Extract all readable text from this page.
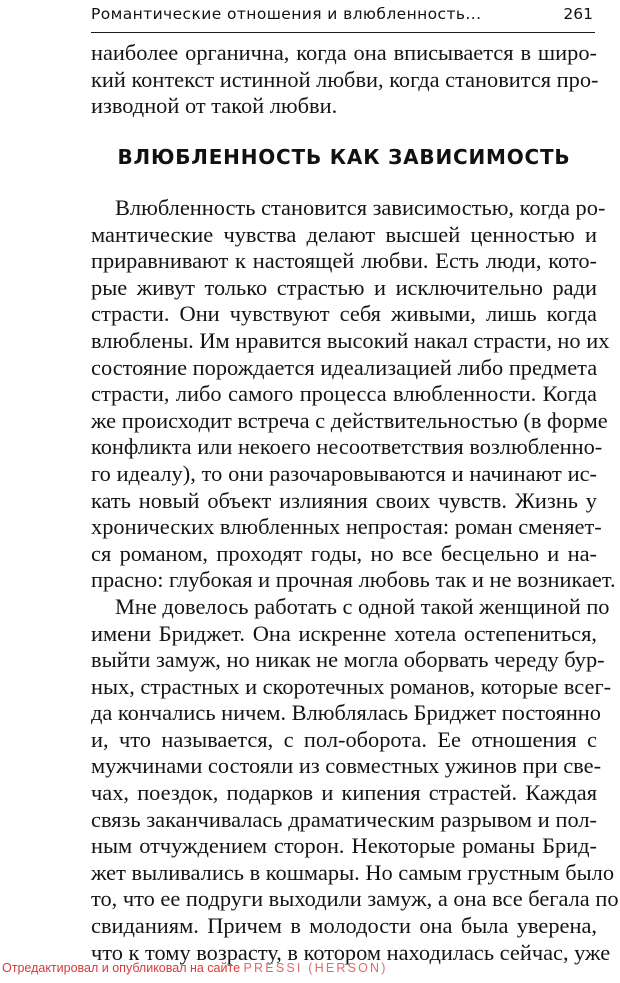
Романтические отношения и влюбленность...	261
наиболее органична, когда она вписывается в широ-
кий контекст истинной любви, когда становится про-
изводной от такой любви.
ВЛЮБЛЕННОСТЬ КАК ЗАВИСИМОСТЬ
Влюбленность становится зависимостью, когда ро-
мантические чувства делают высшей ценностью и
приравнивают к настоящей любви. Есть люди, кото-
рые живут только страстью и исключительно ради
страсти. Они чувствуют себя живыми, лишь когда
влюблены. Им нравится высокий накал страсти, но их
состояние порождается идеализацией либо предмета
страсти, либо самого процесса влюбленности. Когда
же происходит встреча с действительностью (в форме
конфликта или некоего несоответствия возлюбленно-
го идеалу), то они разочаровываются и начинают ис-
кать новый объект излияния своих чувств. Жизнь у
хронических влюбленных непростая: роман сменяет-
ся романом, проходят годы, но все бесцельно и на-
прасно: глубокая и прочная любовь так и не возникает.
Мне довелось работать с одной такой женщиной по
имени Бриджет. Она искренне хотела остепениться,
выйти замуж, но никак не могла оборвать череду бур-
ных, страстных и скоротечных романов, которые всег-
да кончались ничем. Влюблялась Бриджет постоянно
и, что называется, с пол-оборота. Ее отношения с
мужчинами состояли из совместных ужинов при све-
чах, поездок, подарков и кипения страстей. Каждая
связь заканчивалась драматическим разрывом и пол-
ным отчуждением сторон. Некоторые романы Брид-
жет выливались в кошмары. Но самым грустным было
то, что ее подруги выходили замуж, а она все бегала по
свиданиям. Причем в молодости она была уверена,
что к тому возрасту, в котором находилась сейчас, уже
Отредактировал и опубликовал на сайте PRESSI (HERSON)
